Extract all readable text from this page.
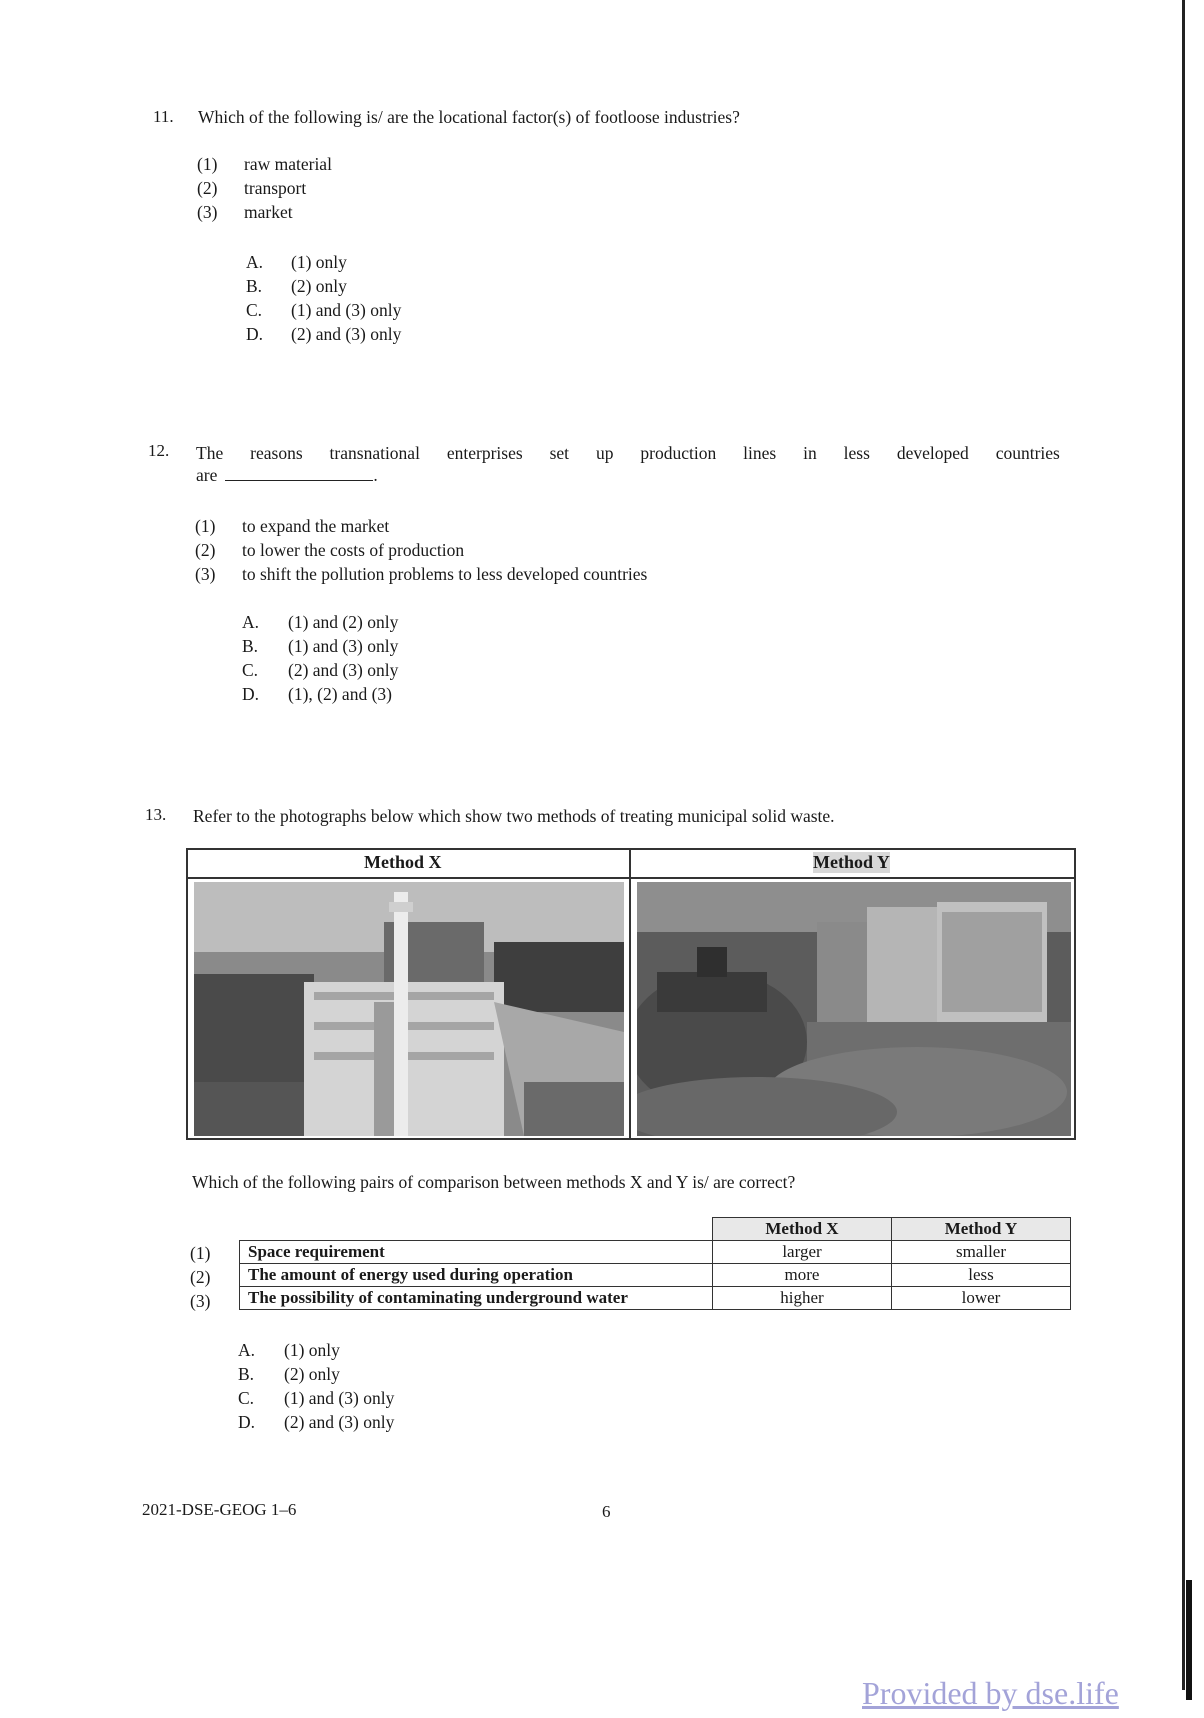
11. Which of the following is/ are the locational factor(s) of footloose industries?
(1) raw material
(2) transport
(3) market
A. (1) only
B. (2) only
C. (1) and (3) only
D. (2) and (3) only
12. The reasons transnational enterprises set up production lines in less developed countries
are	.
(1) to expand the market
(2) to lower the costs of production
(3) to shift the pollution problems to less developed countries
A. (1) and (2) only
B. (1) and (3) only
C. (2) and (3) only
D. (1), (2) and (3)
13. Refer to the photographs below which show two methods of treating municipal solid waste.
Method X	Method Y
Which of the following pairs of comparison between methods X and Y is/ are correct?
	Method X	Method Y
Space requirement	larger	smaller
The amount of energy used during operation	more	less
The possibility of contaminating underground water	higher	lower
(1)
(2)
(3)
A. (1) only
B. (2) only
C. (1) and (3) only
D. (2) and (3) only
2021-DSE-GEOG 1–6	6
Provided by dse.life
